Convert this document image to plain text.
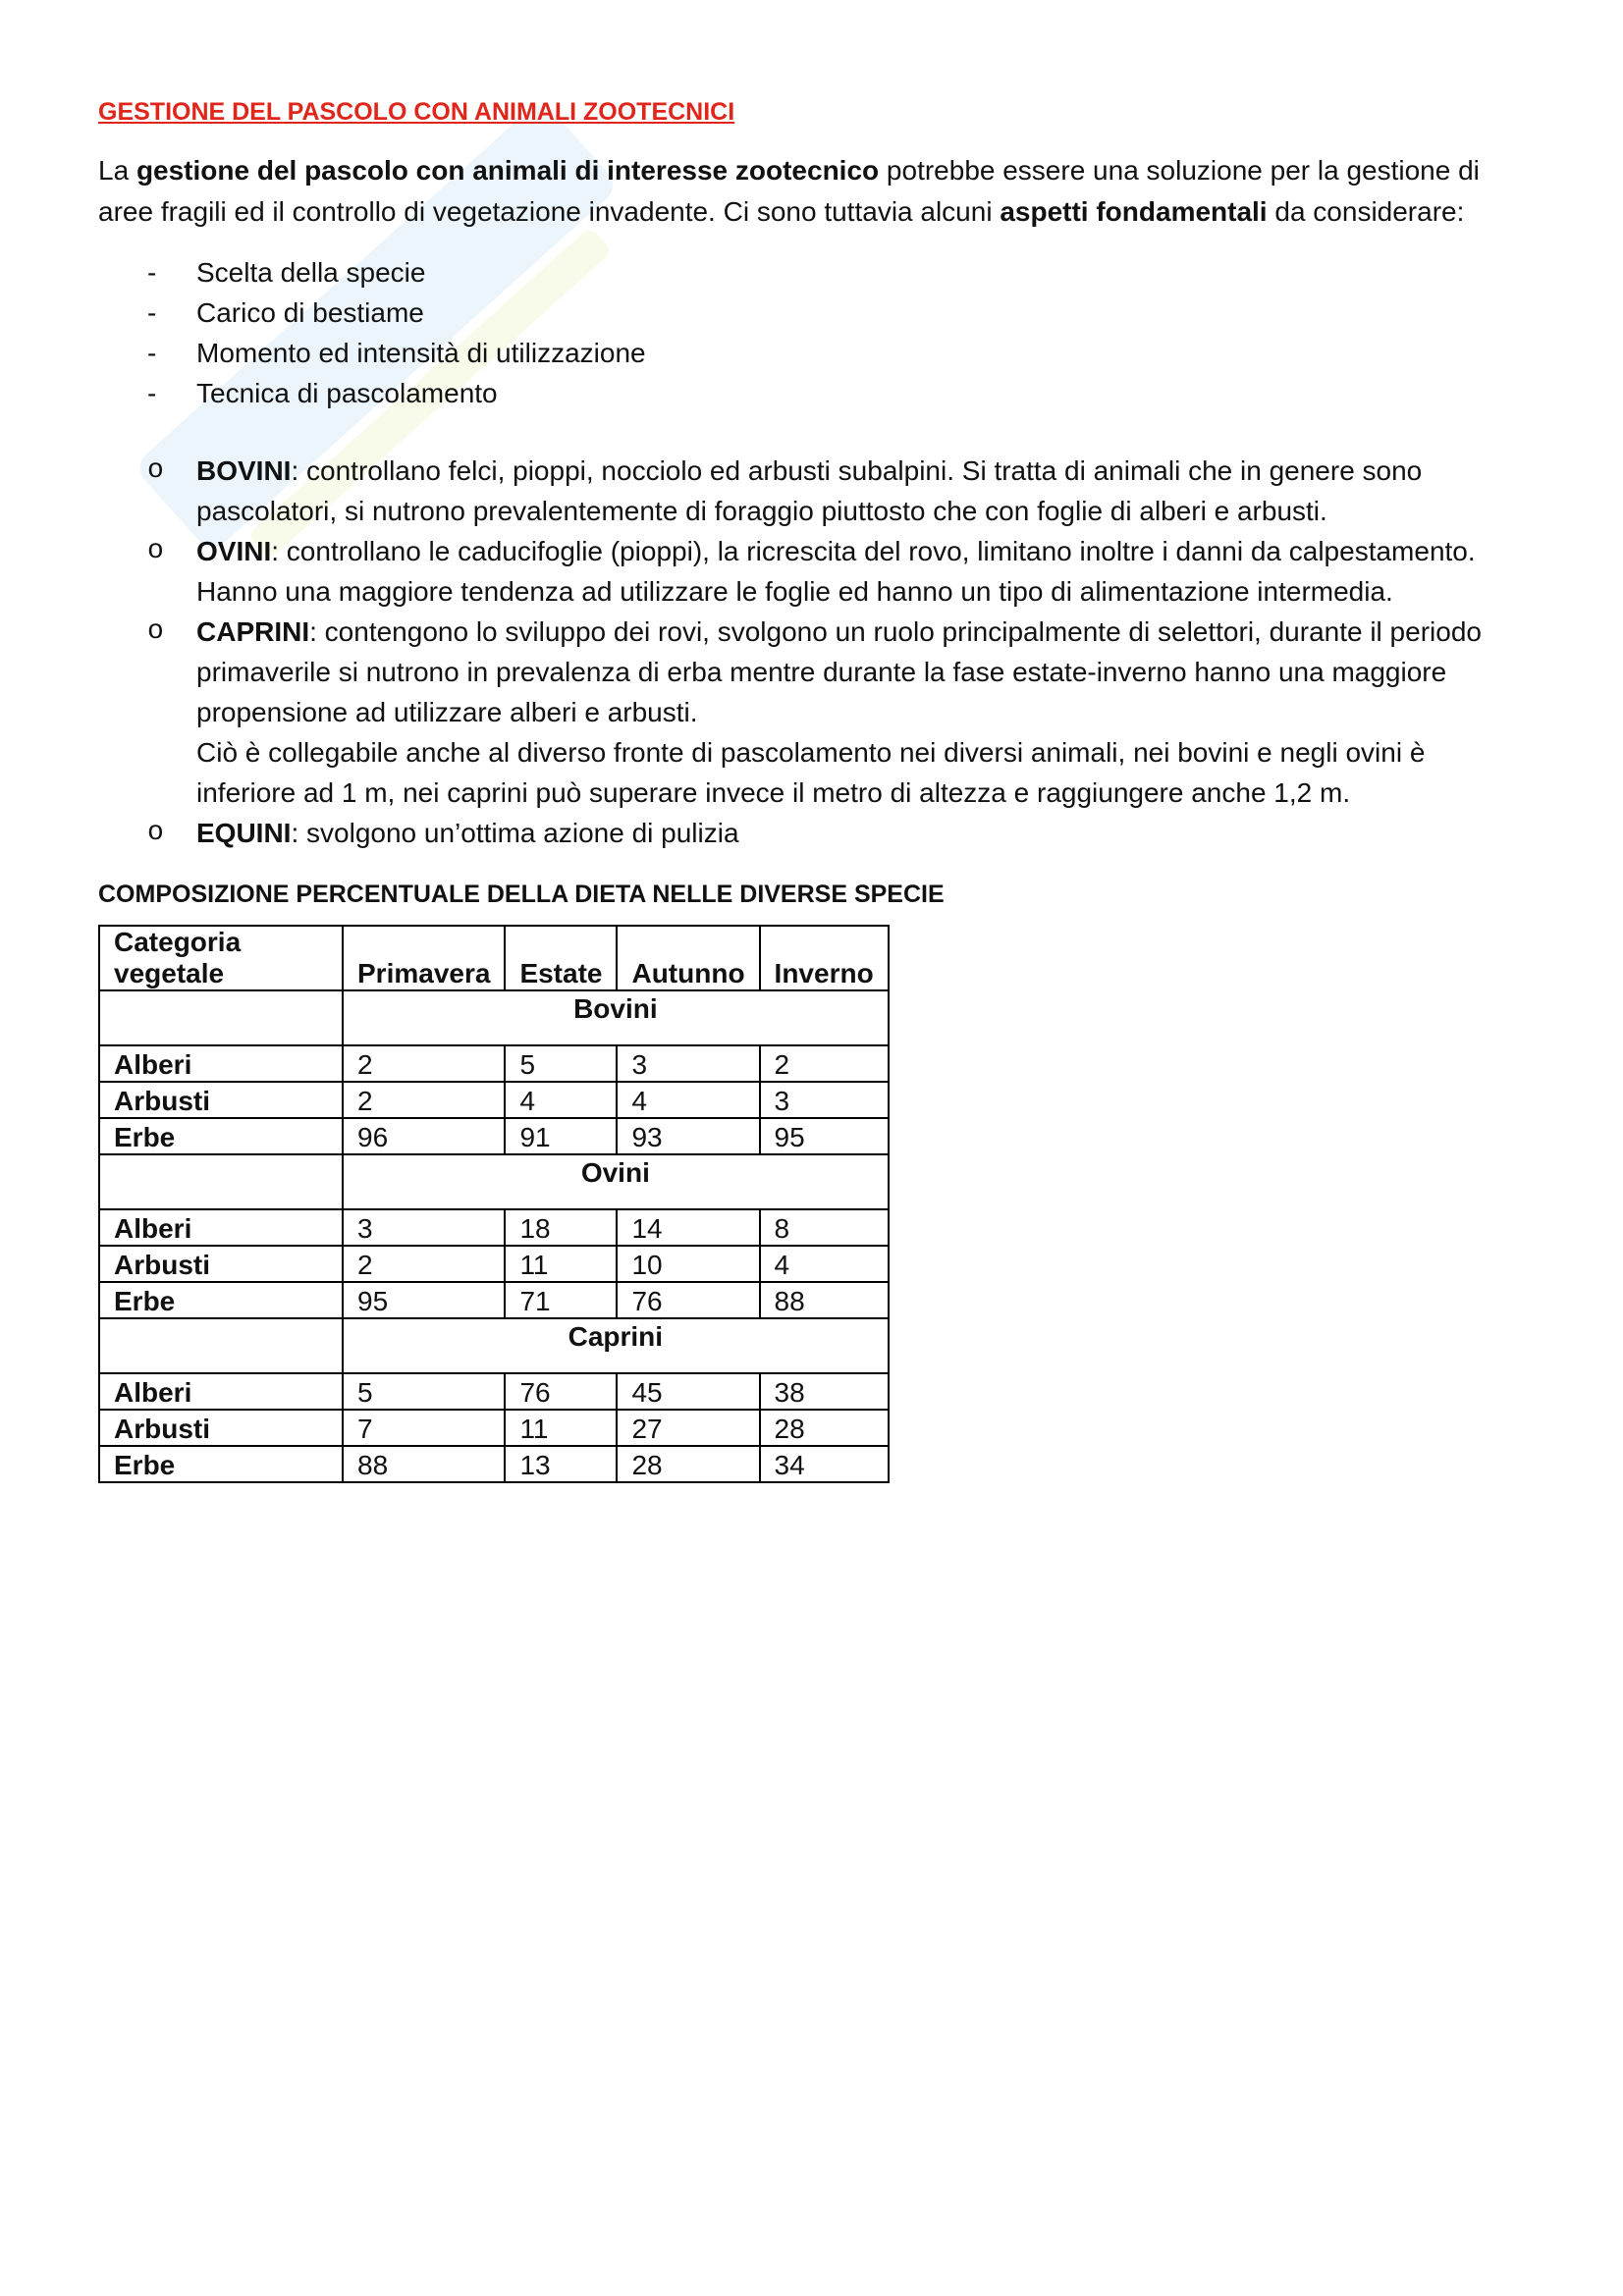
GESTIONE DEL PASCOLO CON ANIMALI ZOOTECNICI

La gestione del pascolo con animali di interesse zootecnico potrebbe essere una soluzione per la gestione di aree fragili ed il controllo di vegetazione invadente. Ci sono tuttavia alcuni aspetti fondamentali da considerare:

- Scelta della specie
- Carico di bestiame
- Momento ed intensità di utilizzazione
- Tecnica di pascolamento
o BOVINI: controllano felci, pioppi, nocciolo ed arbusti subalpini. Si tratta di animali che in genere sono pascolatori, si nutrono prevalentemente di foraggio piuttosto che con foglie di alberi e arbusti.
o OVINI: controllano le caducifoglie (pioppi), la ricrescita del rovo, limitano inoltre i danni da calpestamento. Hanno una maggiore tendenza ad utilizzare le foglie ed hanno un tipo di alimentazione intermedia.
o CAPRINI: contengono lo sviluppo dei rovi, svolgono un ruolo principalmente di selettori, durante il periodo primaverile si nutrono in prevalenza di erba mentre durante la fase estate-inverno hanno una maggiore propensione ad utilizzare alberi e arbusti.
Ciò è collegabile anche al diverso fronte di pascolamento nei diversi animali, nei bovini e negli ovini è inferiore ad 1 m, nei caprini può superare invece il metro di altezza e raggiungere anche 1,2 m.
o EQUINI: svolgono un’ottima azione di pulizia
COMPOSIZIONE PERCENTUALE DELLA DIETA NELLE DIVERSE SPECIE
Categoria vegetale	Primavera	Estate	Autunno	Inverno
	Bovini			
Alberi	2	5	3	2
Arbusti	2	4	4	3
Erbe	96	91	93	95
	Ovini			
Alberi	3	18	14	8
Arbusti	2	11	10	4
Erbe	95	71	76	88
	Caprini			
Alberi	5	76	45	38
Arbusti	7	11	27	28
Erbe	88	13	28	34
